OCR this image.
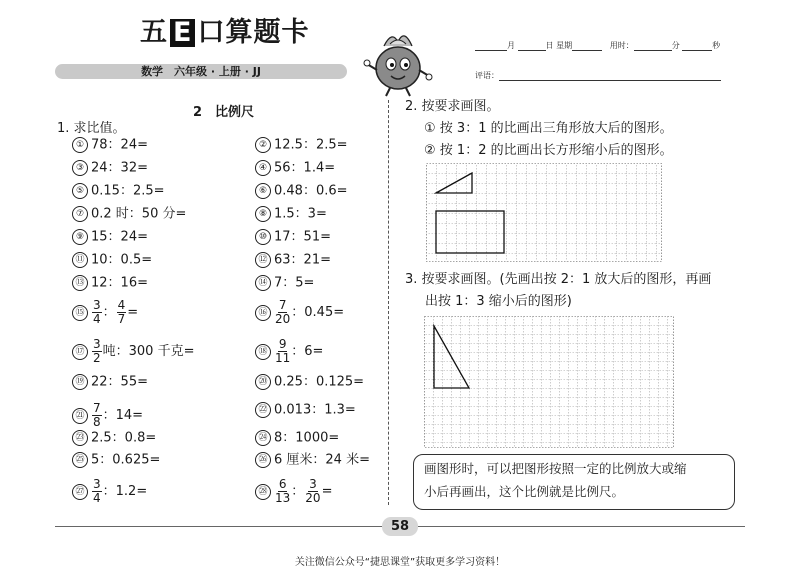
五 E 口算题卡
数学　六年级 · 上册 · JJ
月	日 星期	用时：	分	秒
评语：
2　比例尺
1. 求比值。
① 78：24=	② 12.5：2.5=
③ 24：32=	④ 56：1.4=
⑤ 0.15：2.5=	⑥ 0.48：0.6=
⑦ 0.2 时：50 分=	⑧ 1.5：3=
⑨ 15：24=	⑩ 17：51=
⑪ 10：0.5=	⑫ 63：21=
⑬ 12：16=	⑭ 7：5=
⑮ $\frac{3}{4}$ ： $\frac{4}{7}$ =	⑯ $\frac{7}{20}$ ：0.45=
⑰ $\frac{3}{2}$ 吨：300 千克=	⑱ $\frac{9}{11}$ ：6=
⑲ 22：55=	⑳ 0.25：0.125=
㉑ $\frac{7}{8}$ ：14=	㉒ 0.013：1.3=
㉓ 2.5：0.8=	㉔ 8：1000=
㉕ 5：0.625=	㉖ 6 厘米：24 米=
㉗ $\frac{3}{4}$ ：1.2=	㉘ $\frac{6}{13}$ ： $\frac{3}{20}$ =
2. 按要求画图。
① 按 3：1 的比画出三角形放大后的图形。
② 按 1：2 的比画出长方形缩小后的图形。
3. 按要求画图。(先画出按 2：1 放大后的图形，再画
出按 1：3 缩小后的图形)
画图形时，可以把图形按照一定的比例放大或缩
小后再画出，这个比例就是比例尺。
58
关注微信公众号“捷思课堂”获取更多学习资料！
